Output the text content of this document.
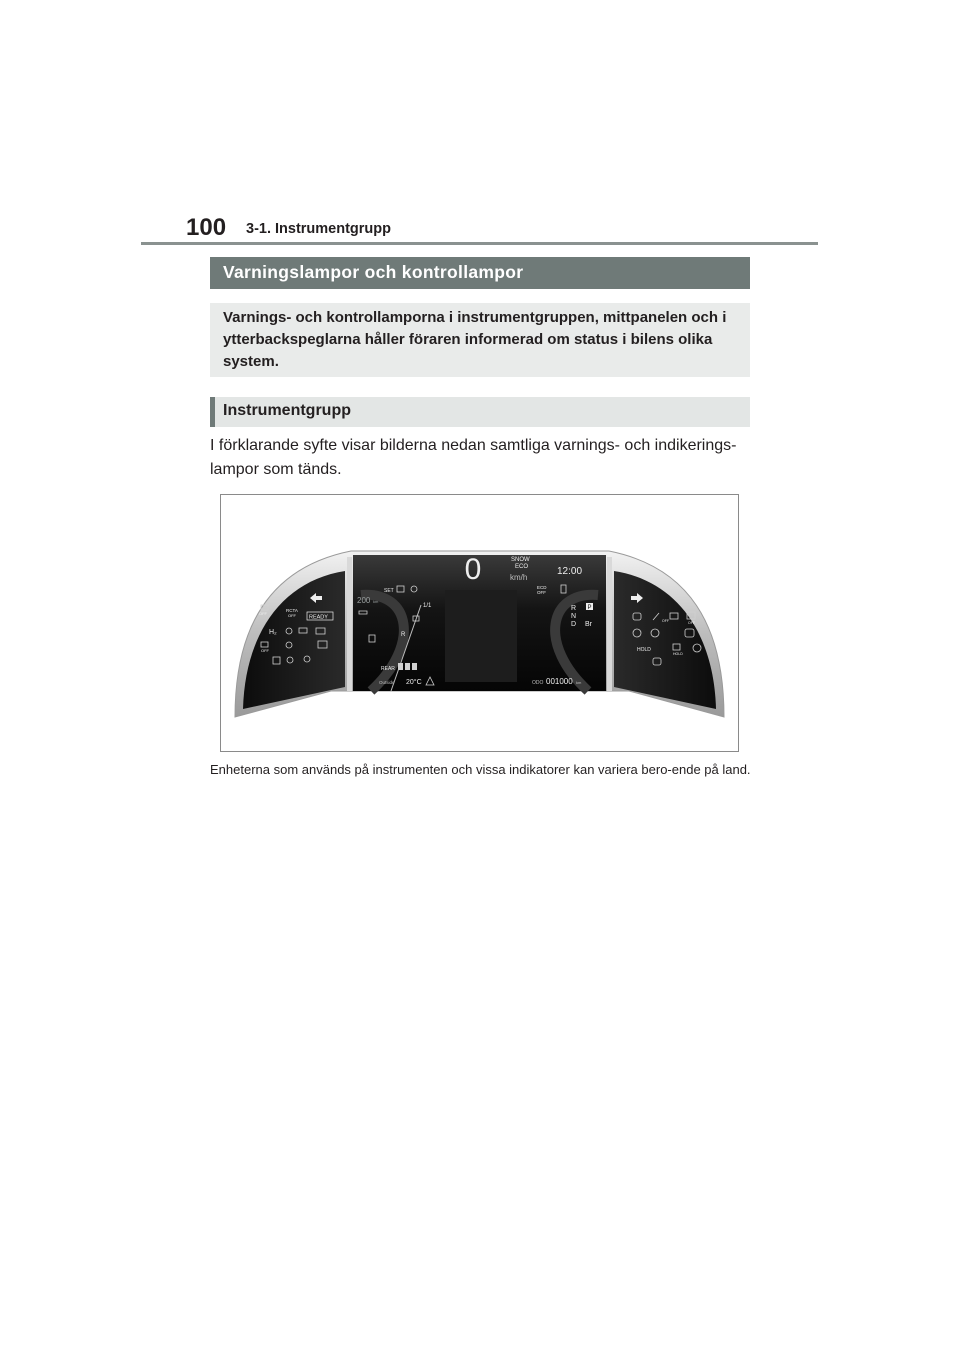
100 3-1. Instrumentgrupp
Varningslampor och kontrollampor
Varnings- och kontrollamporna i instrumentgruppen, mittpanelen och i ytterbackspeglarna håller föraren informerad om status i bilens olika system.
Instrumentgrupp
I förklarande syfte visar bilderna nedan samtliga varnings- och indikerings-lampor som tänds.
0	SNOW
ECO
km/h
12:00
SET
200 km
1/1
R
ECD
OFF
R
N
D
P
Br
REAR
Outside 20°C	ODO 001000 km
RCTA
OFF READY
OFF
H₂
OFF
OFF	OFF
HOLD
HOLD
Enheterna som används på instrumenten och vissa indikatorer kan variera bero-ende på land.
